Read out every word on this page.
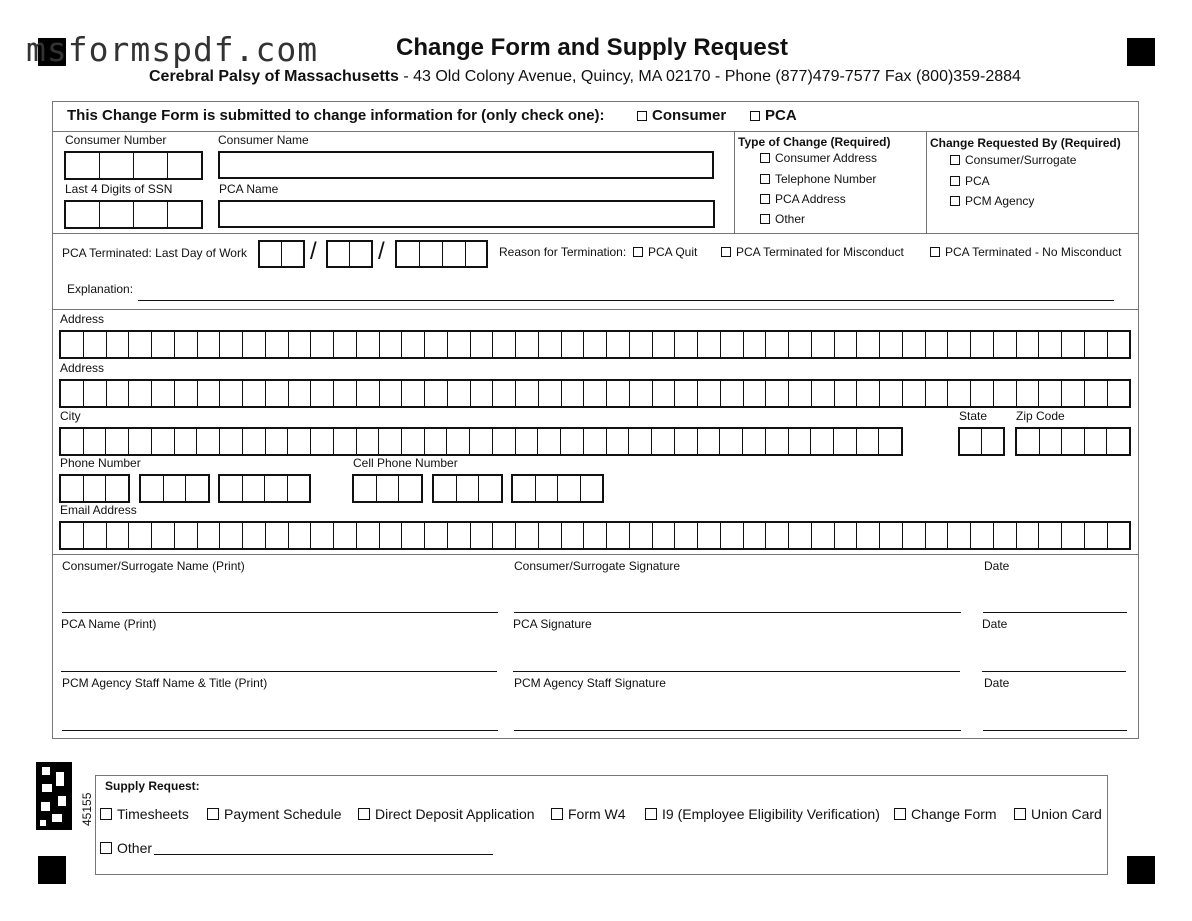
msformspdf.com	Change Form and Supply Request
Cerebral Palsy of Massachusetts - 43 Old Colony Avenue, Quincy, MA 02170 - Phone (877)479-7577 Fax (800)359-2884
This Change Form is submitted to change information for (only check one):	Consumer	PCA
Consumer Number	Consumer Name
Last 4 Digits of SSN	PCA Name
Type of Change (Required)
Consumer Address
Telephone Number
PCA Address
Other
Change Requested By (Required)
Consumer/Surrogate
PCA
PCM Agency
PCA Terminated: Last Day of Work	/	/	Reason for Termination: PCA Quit	PCA Terminated for Misconduct	PCA Terminated - No Misconduct
Explanation:
Address
Address
City	State Zip Code
Phone Number	Cell Phone Number
Email Address
Consumer/Surrogate Name (Print)	Consumer/Surrogate Signature	Date
PCA Name (Print)	PCA Signature	Date
PCM Agency Staff Name & Title (Print)	PCM Agency Staff Signature	Date
45155
Supply Request:
Timesheets	Payment Schedule Direct Deposit Application Form W4	I9 (Employee Eligibility Verification) Change Form Union Card
Other
